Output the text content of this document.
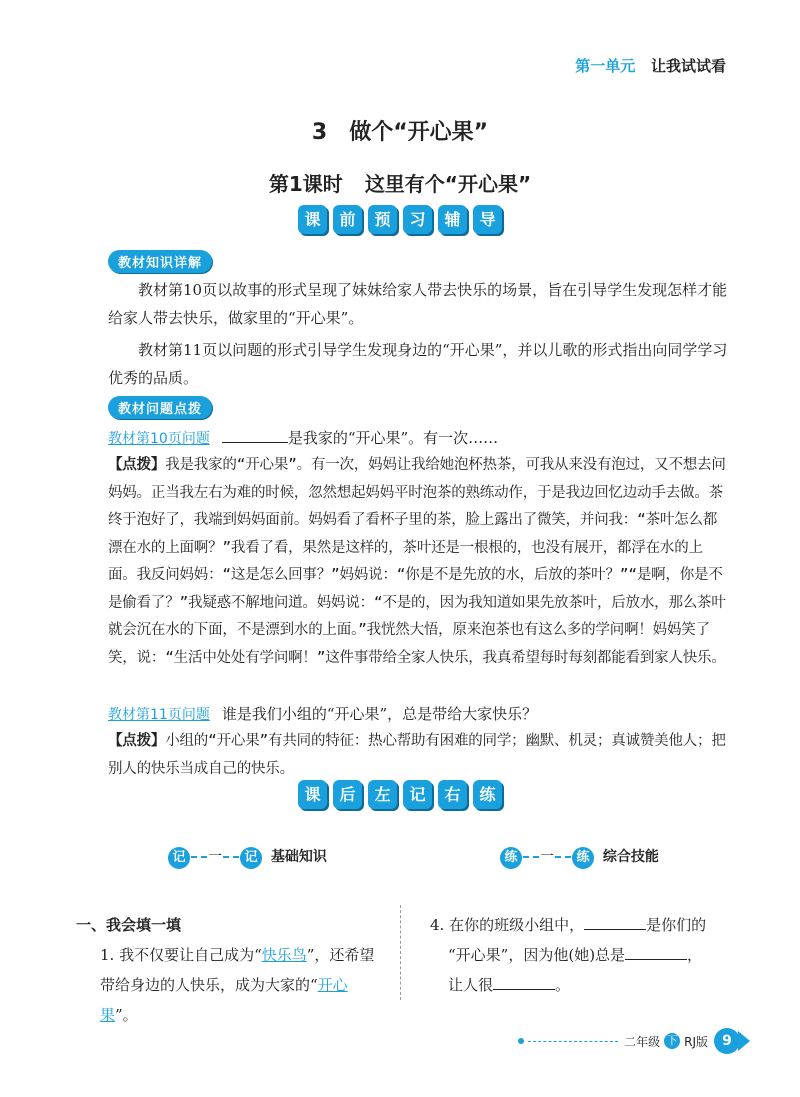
第一单元 让我试试看
3 做个“开心果”
第1课时 这里有个“开心果”
课 前 预 习 辅 导
教材知识详解
教材第10页以故事的形式呈现了妹妹给家人带去快乐的场景，旨在引导学生发现怎样才能给家人带去快乐，做家里的“开心果”。
教材第11页以问题的形式引导学生发现身边的“开心果”，并以儿歌的形式指出向同学学习优秀的品质。
教材问题点拨
教材第10页问题	是我家的“开心果”。有一次……
【点拨】我是我家的“开心果”。有一次，妈妈让我给她泡杯热茶，可我从来没有泡过，又不想去问妈妈。正当我左右为难的时候，忽然想起妈妈平时泡茶的熟练动作，于是我边回忆边动手去做。茶终于泡好了，我端到妈妈面前。妈妈看了看杯子里的茶，脸上露出了微笑，并问我：“茶叶怎么都漂在水的上面啊？”我看了看，果然是这样的，茶叶还是一根根的，也没有展开，都浮在水的上面。我反问妈妈：“这是怎么回事？”妈妈说：“你是不是先放的水，后放的茶叶？”“是啊，你是不是偷看了？”我疑惑不解地问道。妈妈说：“不是的，因为我知道如果先放茶叶，后放水，那么茶叶就会沉在水的下面，不是漂到水的上面。”我恍然大悟，原来泡茶也有这么多的学问啊！妈妈笑了笑，说：“生活中处处有学问啊！”这件事带给全家人快乐，我真希望每时每刻都能看到家人快乐。
教材第11页问题 谁是我们小组的“开心果”，总是带给大家快乐？
【点拨】小组的“开心果”有共同的特征：热心帮助有困难的同学；幽默、机灵；真诚赞美他人；把别人的快乐当成自己的快乐。
课 后 左 记 右 练
记 一 记 基础知识	练 一 练 综合技能
一、我会填一填
1. 我不仅要让自己成为“快乐鸟”，还希望带给身边的人快乐，成为大家的“开心果”。
4. 在你的班级小组中，	是你们的
“开心果”，因为他(她)总是	，
让人很	。
二年级 下 RJ版	9
